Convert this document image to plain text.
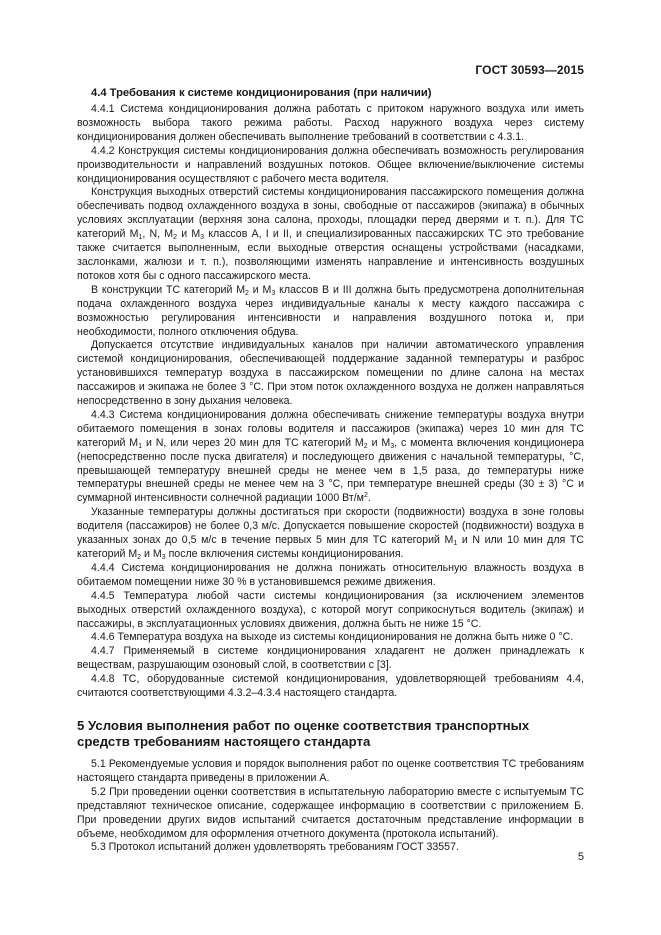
ГОСТ 30593—2015
4.4 Требования к системе кондиционирования (при наличии)

4.4.1 Система кондиционирования должна работать с притоком наружного воздуха или иметь возможность выбора такого режима работы. Расход наружного воздуха через систему кондиционирования должен обеспечивать выполнение требований в соответствии с 4.3.1.

4.4.2 Конструкция системы кондиционирования должна обеспечивать возможность регулирования производительности и направлений воздушных потоков. Общее включение/выключение системы кондиционирования осуществляют с рабочего места водителя.

Конструкция выходных отверстий системы кондиционирования пассажирского помещения должна обеспечивать подвод охлажденного воздуха в зоны, свободные от пассажиров (экипажа) в обычных условиях эксплуатации (верхняя зона салона, проходы, площадки перед дверями и т. п.). Для ТС категорий $M_1$, N, $M_2$ и $M_3$ классов A, I и II, и специализированных пассажирских ТС это требование также считается выполненным, если выходные отверстия оснащены устройствами (насадками, заслонками, жалюзи и т. п.), позволяющими изменять направление и интенсивность воздушных потоков хотя бы с одного пассажирского места.

В конструкции ТС категорий $M_2$ и $M_3$ классов B и III должна быть предусмотрена дополнительная подача охлажденного воздуха через индивидуальные каналы к месту каждого пассажира с возможностью регулирования интенсивности и направления воздушного потока и, при необходимости, полного отключения обдува.

Допускается отсутствие индивидуальных каналов при наличии автоматического управления системой кондиционирования, обеспечивающей поддержание заданной температуры и разброс установившихся температур воздуха в пассажирском помещении по длине салона на местах пассажиров и экипажа не более 3 °С. При этом поток охлажденного воздуха не должен направляться непосредственно в зону дыхания человека.

4.4.3 Система кондиционирования должна обеспечивать снижение температуры воздуха внутри обитаемого помещения в зонах головы водителя и пассажиров (экипажа) через 10 мин для ТС категорий $M_1$ и N, или через 20 мин для ТС категорий $M_2$ и $M_3$, с момента включения кондиционера (непосредственно после пуска двигателя) и последующего движения с начальной температуры, °С, превышающей температуру внешней среды не менее чем в 1,5 раза, до температуры ниже температуры внешней среды не менее чем на 3 °С, при температуре внешней среды (30 ± 3) °С и суммарной интенсивности солнечной радиации 1000 $Вт/м^2$.

Указанные температуры должны достигаться при скорости (подвижности) воздуха в зоне головы водителя (пассажиров) не более 0,3 м/с. Допускается повышение скоростей (подвижности) воздуха в указанных зонах до 0,5 м/с в течение первых 5 мин для ТС категорий $M_1$ и N или 10 мин для ТС категорий $M_2$ и $M_3$ после включения системы кондиционирования.

4.4.4 Система кондиционирования не должна понижать относительную влажность воздуха в обитаемом помещении ниже 30 % в установившемся режиме движения.

4.4.5 Температура любой части системы кондиционирования (за исключением элементов выходных отверстий охлажденного воздуха), с которой могут соприкоснуться водитель (экипаж) и пассажиры, в эксплуатационных условиях движения, должна быть не ниже 15 °С.

4.4.6 Температура воздуха на выходе из системы кондиционирования не должна быть ниже 0 °С.

4.4.7 Применяемый в системе кондиционирования хладагент не должен принадлежать к веществам, разрушающим озоновый слой, в соответствии с [3].

4.4.8 ТС, оборудованные системой кондиционирования, удовлетворяющей требованиям 4.4, считаются соответствующими 4.3.2–4.3.4 настоящего стандарта.

5 Условия выполнения работ по оценке соответствия транспортных средств требованиям настоящего стандарта

5.1 Рекомендуемые условия и порядок выполнения работ по оценке соответствия ТС требованиям настоящего стандарта приведены в приложении А.

5.2 При проведении оценки соответствия в испытательную лабораторию вместе с испытуемым ТС представляют техническое описание, содержащее информацию в соответствии с приложением Б. При проведении других видов испытаний считается достаточным представление информации в объеме, необходимом для оформления отчетного документа (протокола испытаний).

5.3 Протокол испытаний должен удовлетворять требованиям ГОСТ 33557.

5
